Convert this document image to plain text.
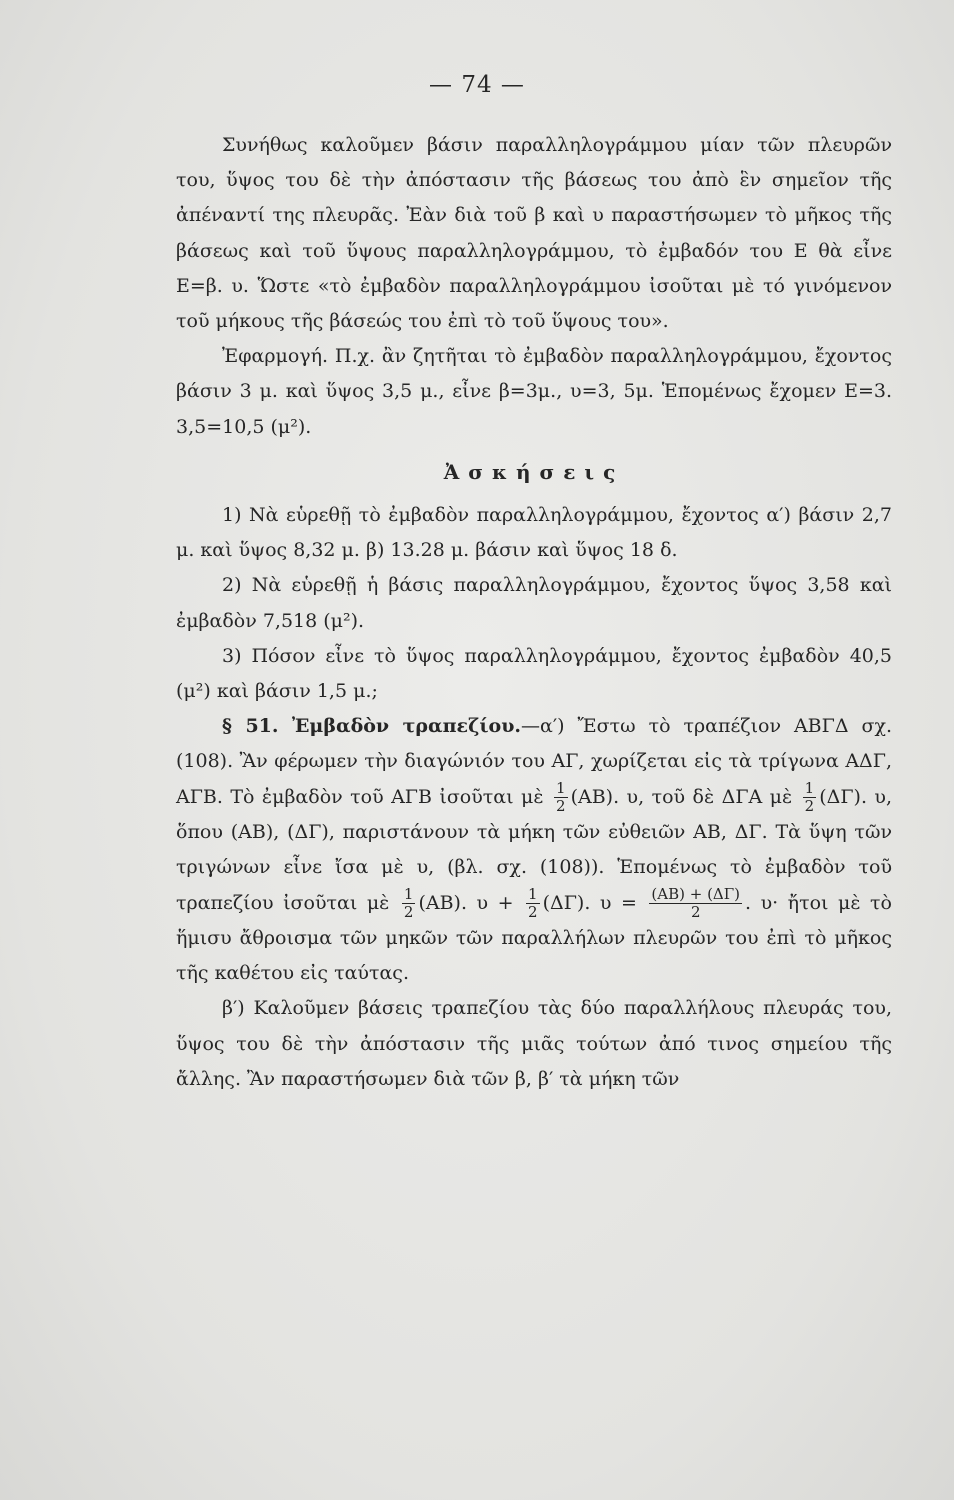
— 74 —

Συνήθως καλοῦμεν βάσιν παραλληλογράμμου μίαν τῶν πλευρῶν του, ὕψος του δὲ τὴν ἀπόστασιν τῆς βάσεως του ἀπὸ ἓν σημεῖον τῆς ἀπέναντί της πλευρᾶς. Ἐὰν διὰ τοῦ β καὶ υ παραστήσωμεν τὸ μῆκος τῆς βάσεως καὶ τοῦ ὕψους παραλληλογράμμου, τὸ ἐμβαδόν του E θὰ εἶνε E=β. υ. Ὥστε «τὸ ἐμβαδὸν παραλληλογράμμου ἰσοῦται μὲ τό γινόμενον τοῦ μήκους τῆς βάσεώς του ἐπὶ τὸ τοῦ ὕψους του».

Ἐφαρμογή. Π.χ. ἂν ζητῆται τὸ ἐμβαδὸν παραλληλογράμμου, ἔχοντος βάσιν 3 μ. καὶ ὕψος 3,5 μ., εἶνε β=3μ., υ=3, 5μ. Ἑπομένως ἔχομεν E=3. 3,5=10,5 (μ²).

Ἀσκήσεις

1) Νὰ εὑρεθῇ τὸ ἐμβαδὸν παραλληλογράμμου, ἔχοντος α′) βάσιν 2,7 μ. καὶ ὕψος 8,32 μ. β) 13.28 μ. βάσιν καὶ ὕψος 18 δ.

2) Νὰ εὑρεθῇ ἡ βάσις παραλληλογράμμου, ἔχοντος ὕψος 3,58 καὶ ἐμβαδὸν 7,518 (μ²).

3) Πόσον εἶνε τὸ ὕψος παραλληλογράμμου, ἔχοντος ἐμβαδὸν 40,5 (μ²) καὶ βάσιν 1,5 μ.;

§ 51. Ἐμβαδὸν τραπεζίου.—α′) Ἔστω τὸ τραπέζιον ΑΒΓΔ σχ. (108). Ἂν φέρωμεν τὴν διαγώνιόν του ΑΓ, χωρίζεται εἰς τὰ τρίγωνα ΑΔΓ, ΑΓΒ. Τὸ ἐμβαδὸν τοῦ ΑΓΒ ἰσοῦται μὲ $\frac{1}{2} (AB)$. υ, τοῦ δὲ ΔΓΑ μὲ $\frac{1}{2} (\Delta\Gamma)$. υ, ὅπου (ΑΒ), (ΔΓ), παριστάνουν τὰ μήκη τῶν εὐθειῶν ΑΒ, ΔΓ. Τὰ ὕψη τῶν τριγώνων εἶνε ἴσα μὲ υ, (βλ. σχ. (108)). Ἑπομένως τὸ ἐμβαδὸν τοῦ τραπεζίου ἰσοῦται μὲ $\frac{1}{2} (AB)$. $\upsilon + \frac{1}{2} (\Delta\Gamma)$. $\upsilon = \frac{(AB) + (\Delta\Gamma)}{2}$ . υ· ἤτοι μὲ τὸ ἥμισυ ἄθροισμα τῶν μηκῶν τῶν παραλλήλων πλευρῶν του ἐπὶ τὸ μῆκος τῆς καθέτου εἰς ταύτας.

β′) Καλοῦμεν βάσεις τραπεζίου τὰς δύο παραλλήλους πλευράς του, ὕψος του δὲ τὴν ἀπόστασιν τῆς μιᾶς τούτων ἀπό τινος σημείου τῆς ἄλλης. Ἂν παραστήσωμεν διὰ τῶν β, β′ τὰ μήκη τῶν
